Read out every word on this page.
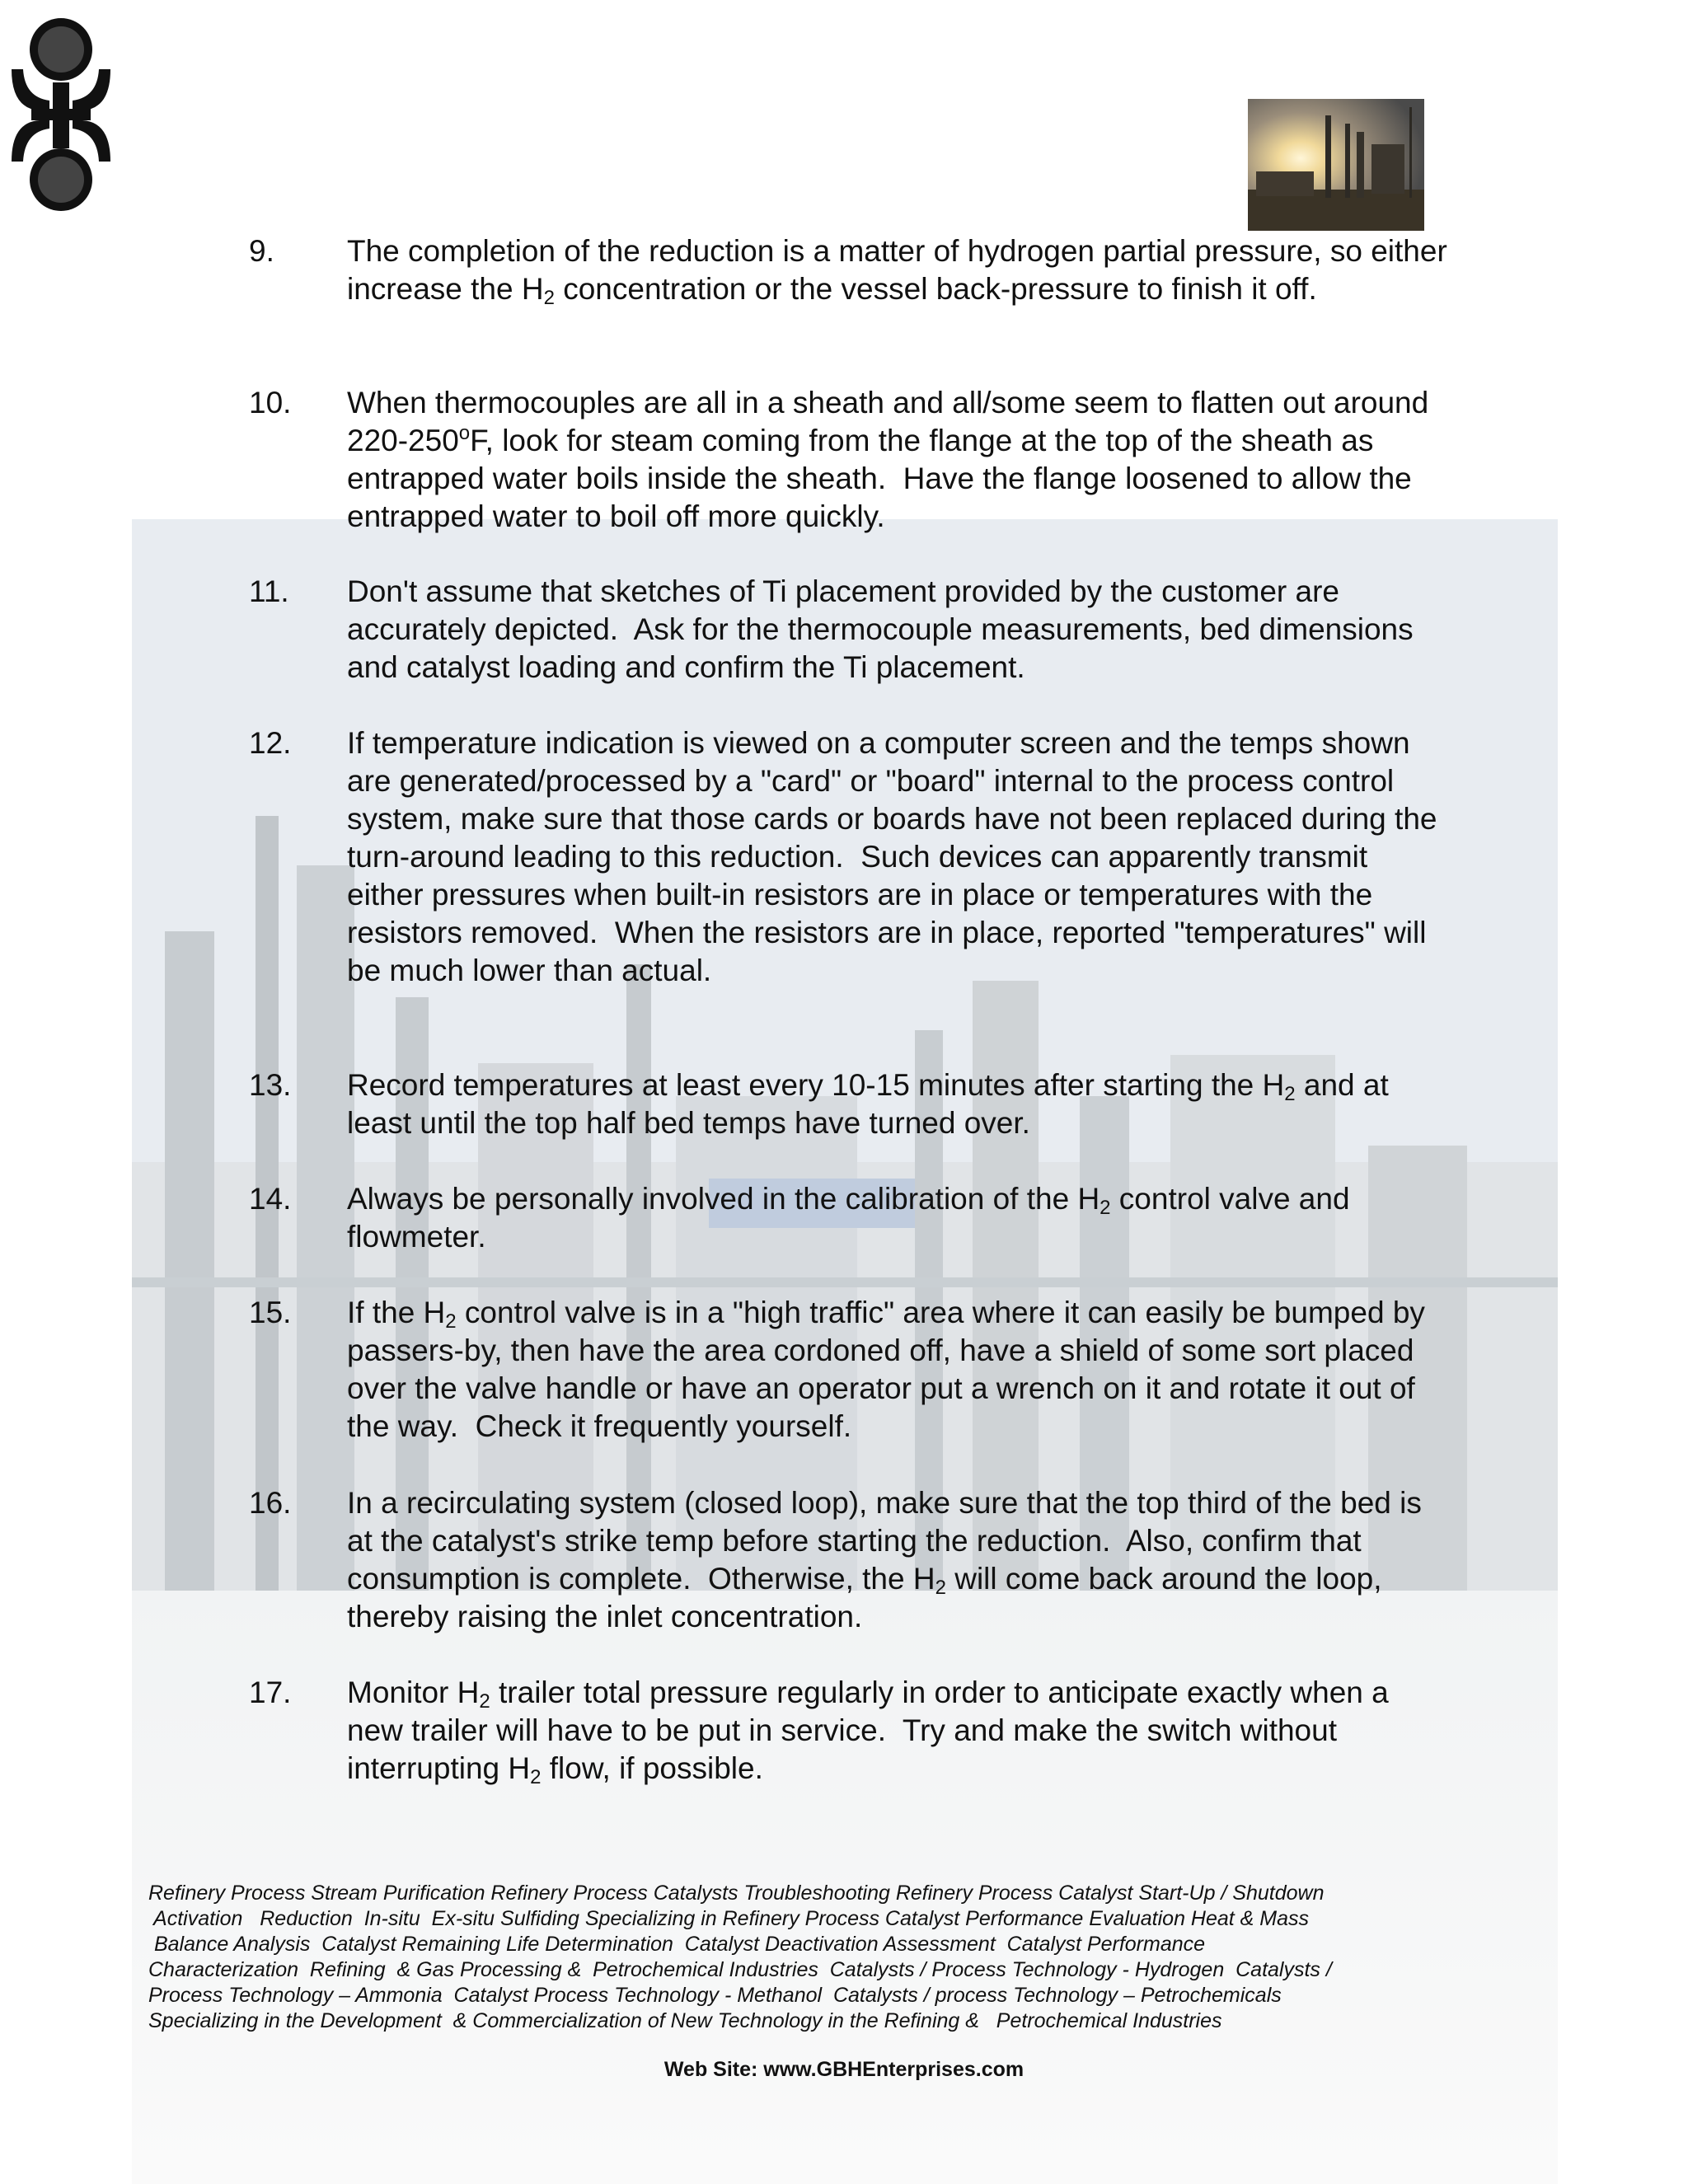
9. The completion of the reduction is a matter of hydrogen partial pressure, so either increase the $H_2$ concentration or the vessel back-pressure to finish it off.
10. When thermocouples are all in a sheath and all/some seem to flatten out around 220-250$^o$F, look for steam coming from the flange at the top of the sheath as entrapped water boils inside the sheath.  Have the flange loosened to allow the entrapped water to boil off more quickly.
11. Don't assume that sketches of Ti placement provided by the customer are accurately depicted.  Ask for the thermocouple measurements, bed dimensions and catalyst loading and confirm the Ti placement.
12. If temperature indication is viewed on a computer screen and the temps shown are generated/processed by a "card" or "board" internal to the process control system, make sure that those cards or boards have not been replaced during the turn-around leading to this reduction.  Such devices can apparently transmit either pressures when built-in resistors are in place or temperatures with the resistors removed.  When the resistors are in place, reported "temperatures" will be much lower than actual.
13. Record temperatures at least every 10-15 minutes after starting the $H_2$ and at least until the top half bed temps have turned over.
14. Always be personally involved in the calibration of the $H_2$ control valve and flowmeter.
15. If the $H_2$ control valve is in a "high traffic" area where it can easily be bumped by passers-by, then have the area cordoned off, have a shield of some sort placed over the valve handle or have an operator put a wrench on it and rotate it out of the way.  Check it frequently yourself.
16. In a recirculating system (closed loop), make sure that the top third of the bed is at the catalyst's strike temp before starting the reduction.  Also, confirm that consumption is complete.  Otherwise, the $H_2$ will come back around the loop, thereby raising the inlet concentration.
17. Monitor $H_2$ trailer total pressure regularly in order to anticipate exactly when a new trailer will have to be put in service.  Try and make the switch without interrupting $H_2$ flow, if possible.
Refinery Process Stream Purification Refinery Process Catalysts Troubleshooting Refinery Process Catalyst Start-Up / Shutdown
Activation   Reduction  In-situ  Ex-situ Sulfiding Specializing in Refinery Process Catalyst Performance Evaluation Heat & Mass
Balance Analysis  Catalyst Remaining Life Determination  Catalyst Deactivation Assessment  Catalyst Performance
Characterization  Refining  & Gas Processing &  Petrochemical Industries  Catalysts / Process Technology - Hydrogen  Catalysts /
Process Technology – Ammonia  Catalyst Process Technology - Methanol  Catalysts / process Technology – Petrochemicals
Specializing in the Development  & Commercialization of New Technology in the Refining &   Petrochemical Industries
Web Site: www.GBHEnterprises.com
